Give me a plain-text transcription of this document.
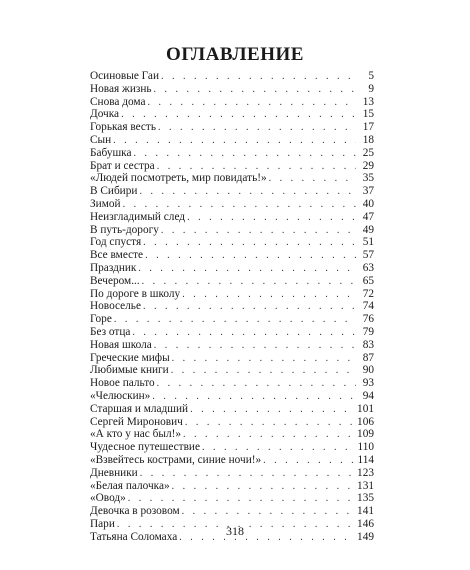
ОГЛАВЛЕНИЕ
Осиновые Гаи . . .	5
Новая жизнь . . .	9
Снова дома . . .	13
Дочка . . .	15
Горькая весть . . .	17
Сын . . .	18
Бабушка . . .	25
Брат и сестра . . .	29
«Людей посмотреть, мир повидать!» . . .	35
В Сибири . . .	37
Зимой . . .	40
Неизгладимый след . . .	47
В путь-дорогу . . .	49
Год спустя . . .	51
Все вместе . . .	57
Праздник . . .	63
Вечером... . . .	65
По дороге в школу . . .	72
Новоселье . . .	74
Горе . . .	76
Без отца . . .	79
Новая школа . . .	83
Греческие мифы . . .	87
Любимые книги . . .	90
Новое пальто . . .	93
«Челюскин» . . .	94
Старшая и младший . . .	101
Сергей Миронович . . .	106
«А кто у нас был!» . . .	109
Чудесное путешествие . . .	110
«Взвейтесь кострами, синие ночи!» . . .	114
Дневники . . .	123
«Белая палочка» . . .	131
«Овод» . . .	135
Девочка в розовом . . .	141
Пари . . .	146
Татьяна Соломаха . . .	149
318
